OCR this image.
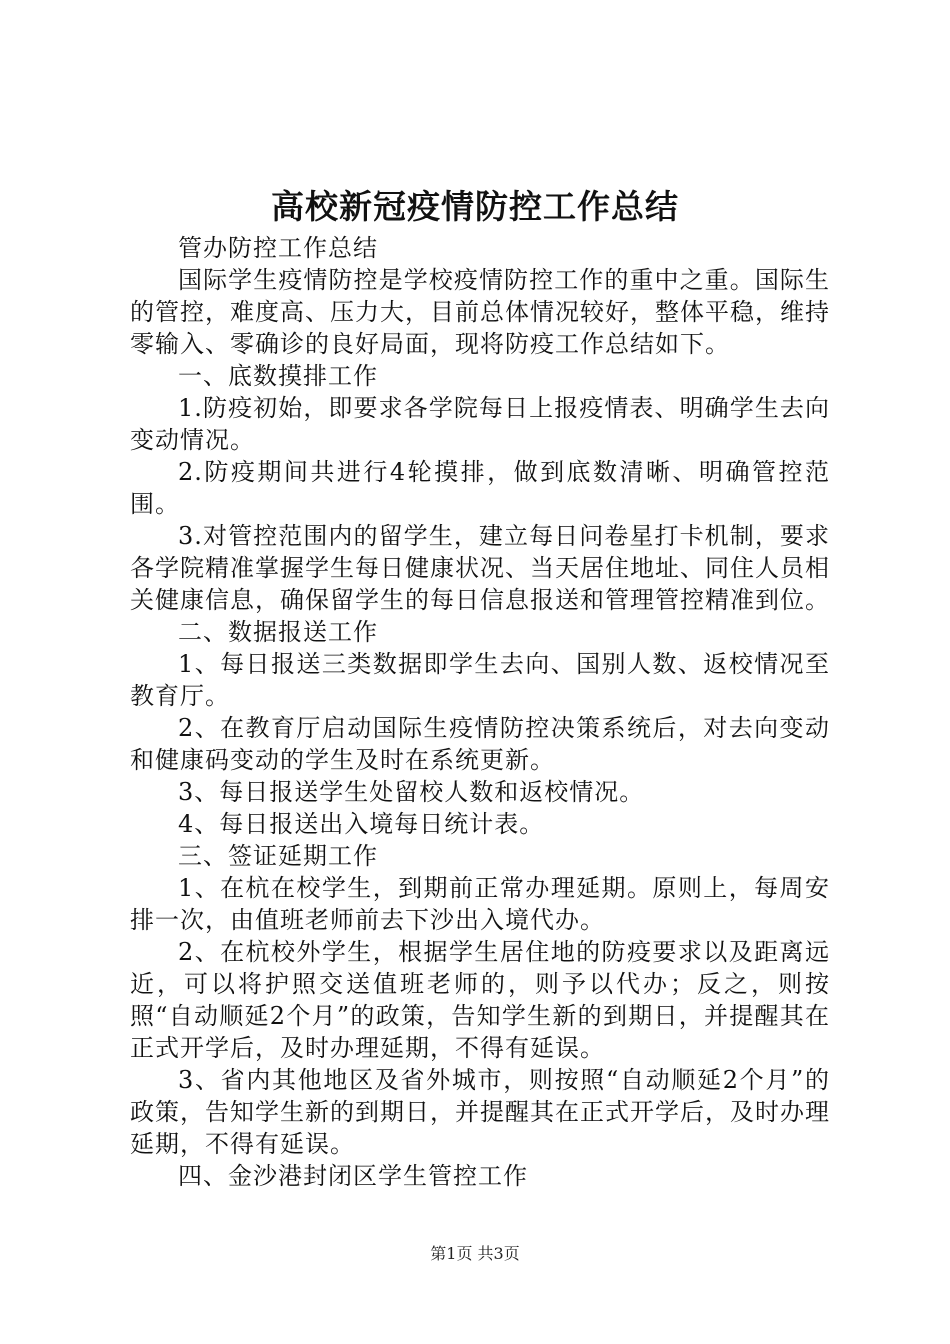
高校新冠疫情防控工作总结

管办防控工作总结

国际学生疫情防控是学校疫情防控工作的重中之重。国际生的管控，难度高、压力大，目前总体情况较好，整体平稳，维持零输入、零确诊的良好局面，现将防疫工作总结如下。

一、底数摸排工作

1.防疫初始，即要求各学院每日上报疫情表、明确学生去向变动情况。

2.防疫期间共进行4轮摸排，做到底数清晰、明确管控范围。

3.对管控范围内的留学生，建立每日问卷星打卡机制，要求各学院精准掌握学生每日健康状况、当天居住地址、同住人员相关健康信息，确保留学生的每日信息报送和管理管控精准到位。

二、数据报送工作

1、每日报送三类数据即学生去向、国别人数、返校情况至教育厅。

2、在教育厅启动国际生疫情防控决策系统后，对去向变动和健康码变动的学生及时在系统更新。

3、每日报送学生处留校人数和返校情况。

4、每日报送出入境每日统计表。

三、签证延期工作

1、在杭在校学生，到期前正常办理延期。原则上，每周安排一次，由值班老师前去下沙出入境代办。

2、在杭校外学生，根据学生居住地的防疫要求以及距离远近，可以将护照交送值班老师的，则予以代办；反之，则按照“自动顺延2个月”的政策，告知学生新的到期日，并提醒其在正式开学后，及时办理延期，不得有延误。

3、省内其他地区及省外城市，则按照“自动顺延2个月”的政策，告知学生新的到期日，并提醒其在正式开学后，及时办理延期，不得有延误。

四、金沙港封闭区学生管控工作

第1页 共3页
